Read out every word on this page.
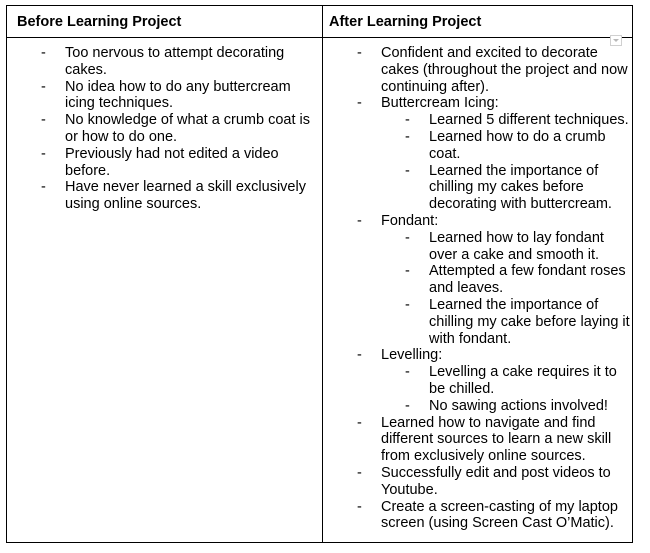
Before Learning Project	After Learning Project
- Too nervous to attempt decorating cakes.
- No idea how to do any buttercream icing techniques.
- No knowledge of what a crumb coat is or how to do one.
- Previously had not edited a video before.
- Have never learned a skill exclusively using online sources.
- Confident and excited to decorate cakes (throughout the project and now continuing after).
- Buttercream Icing:
- Learned 5 different techniques.
- Learned how to do a crumb coat.
- Learned the importance of chilling my cakes before decorating with buttercream.
- Fondant:
- Learned how to lay fondant over a cake and smooth it.
- Attempted a few fondant roses and leaves.
- Learned the importance of chilling my cake before laying it with fondant.
- Levelling:
- Levelling a cake requires it to be chilled.
- No sawing actions involved!
- Learned how to navigate and find different sources to learn a new skill from exclusively online sources.
- Successfully edit and post videos to Youtube.
- Create a screen-casting of my laptop screen (using Screen Cast O’Matic).
